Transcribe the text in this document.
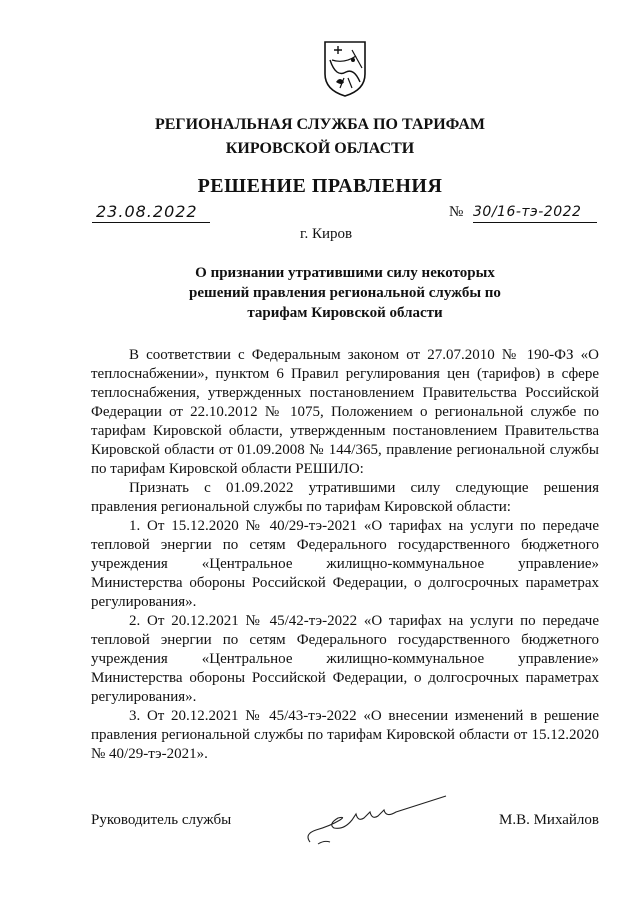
РЕГИОНАЛЬНАЯ СЛУЖБА ПО ТАРИФАМ
КИРОВСКОЙ ОБЛАСТИ
РЕШЕНИЕ ПРАВЛЕНИЯ
23.08.2022	№ 30/16-тэ-2022
г. Киров
О признании утратившими силу некоторых
решений правления региональной службы по
тарифам Кировской области

В соответствии с Федеральным законом от 27.07.2010 № 190-ФЗ «О теплоснабжении», пунктом 6 Правил регулирования цен (тарифов) в сфере теплоснабжения, утвержденных постановлением Правительства Российской Федерации от 22.10.2012 № 1075, Положением о региональной службе по тарифам Кировской области, утвержденным постановлением Правительства Кировской области от 01.09.2008 № 144/365, правление региональной службы по тарифам Кировской области РЕШИЛО:

Признать с 01.09.2022 утратившими силу следующие решения правления региональной службы по тарифам Кировской области:

1. От 15.12.2020 № 40/29-тэ-2021 «О тарифах на услуги по передаче тепловой энергии по сетям Федерального государственного бюджетного учреждения «Центральное жилищно-коммунальное управление» Министерства обороны Российской Федерации, о долгосрочных параметрах регулирования».

2. От 20.12.2021 № 45/42-тэ-2022 «О тарифах на услуги по передаче тепловой энергии по сетям Федерального государственного бюджетного учреждения «Центральное жилищно-коммунальное управление» Министерства обороны Российской Федерации, о долгосрочных параметрах регулирования».

3. От 20.12.2021 № 45/43-тэ-2022 «О внесении изменений в решение правления региональной службы по тарифам Кировской области от 15.12.2020 № 40/29-тэ-2021».

Руководитель службы	М.В. Михайлов
